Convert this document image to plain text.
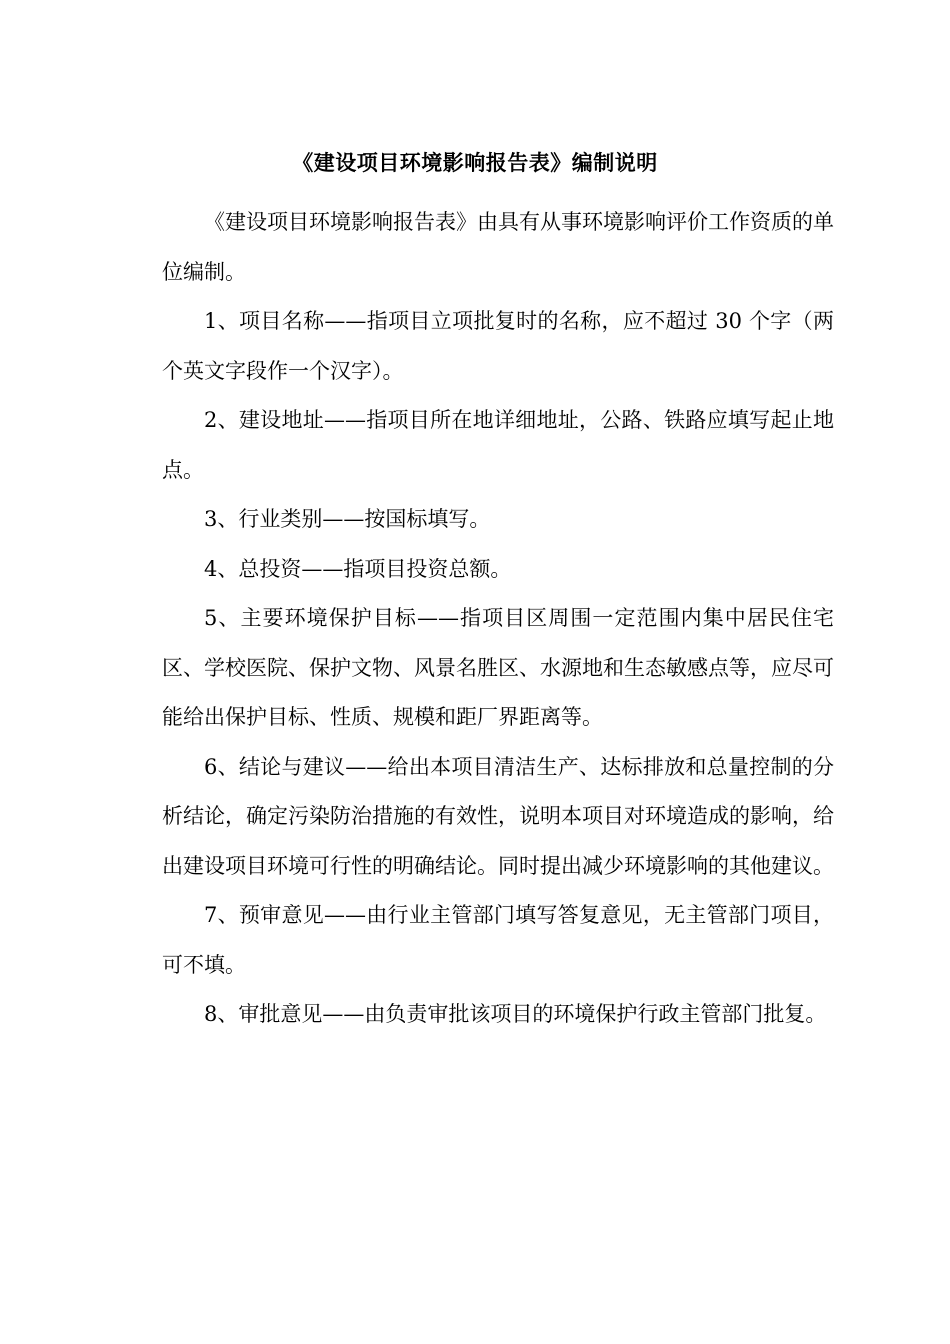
《建设项目环境影响报告表》编制说明

《建设项目环境影响报告表》由具有从事环境影响评价工作资质的单位编制。

1、项目名称——指项目立项批复时的名称，应不超过 30 个字（两个英文字段作一个汉字）。

2、建设地址——指项目所在地详细地址，公路、铁路应填写起止地点。

3、行业类别——按国标填写。

4、总投资——指项目投资总额。

5、主要环境保护目标——指项目区周围一定范围内集中居民住宅区、学校医院、保护文物、风景名胜区、水源地和生态敏感点等，应尽可能给出保护目标、性质、规模和距厂界距离等。

6、结论与建议——给出本项目清洁生产、达标排放和总量控制的分析结论，确定污染防治措施的有效性，说明本项目对环境造成的影响，给出建设项目环境可行性的明确结论。同时提出减少环境影响的其他建议。

7、预审意见——由行业主管部门填写答复意见，无主管部门项目，可不填。

8、审批意见——由负责审批该项目的环境保护行政主管部门批复。
